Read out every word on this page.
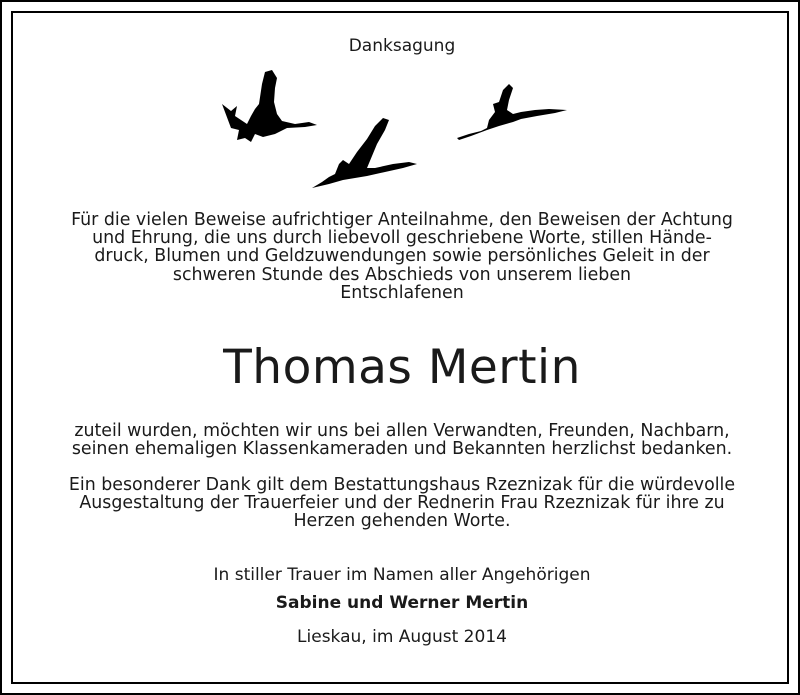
Danksagung
Für die vielen Beweise aufrichtiger Anteilnahme, den Beweisen der Achtung
und Ehrung, die uns durch liebevoll geschriebene Worte, stillen Hände-
druck, Blumen und Geldzuwendungen sowie persönliches Geleit in der
schweren Stunde des Abschieds von unserem lieben
Entschlafenen
Thomas Mertin
zuteil wurden, möchten wir uns bei allen Verwandten, Freunden, Nachbarn,
seinen ehemaligen Klassenkameraden und Bekannten herzlichst bedanken.
Ein besonderer Dank gilt dem Bestattungshaus Rzeznizak für die würdevolle
Ausgestaltung der Trauerfeier und der Rednerin Frau Rzeznizak für ihre zu
Herzen gehenden Worte.
In stiller Trauer im Namen aller Angehörigen
Sabine und Werner Mertin
Lieskau, im August 2014
